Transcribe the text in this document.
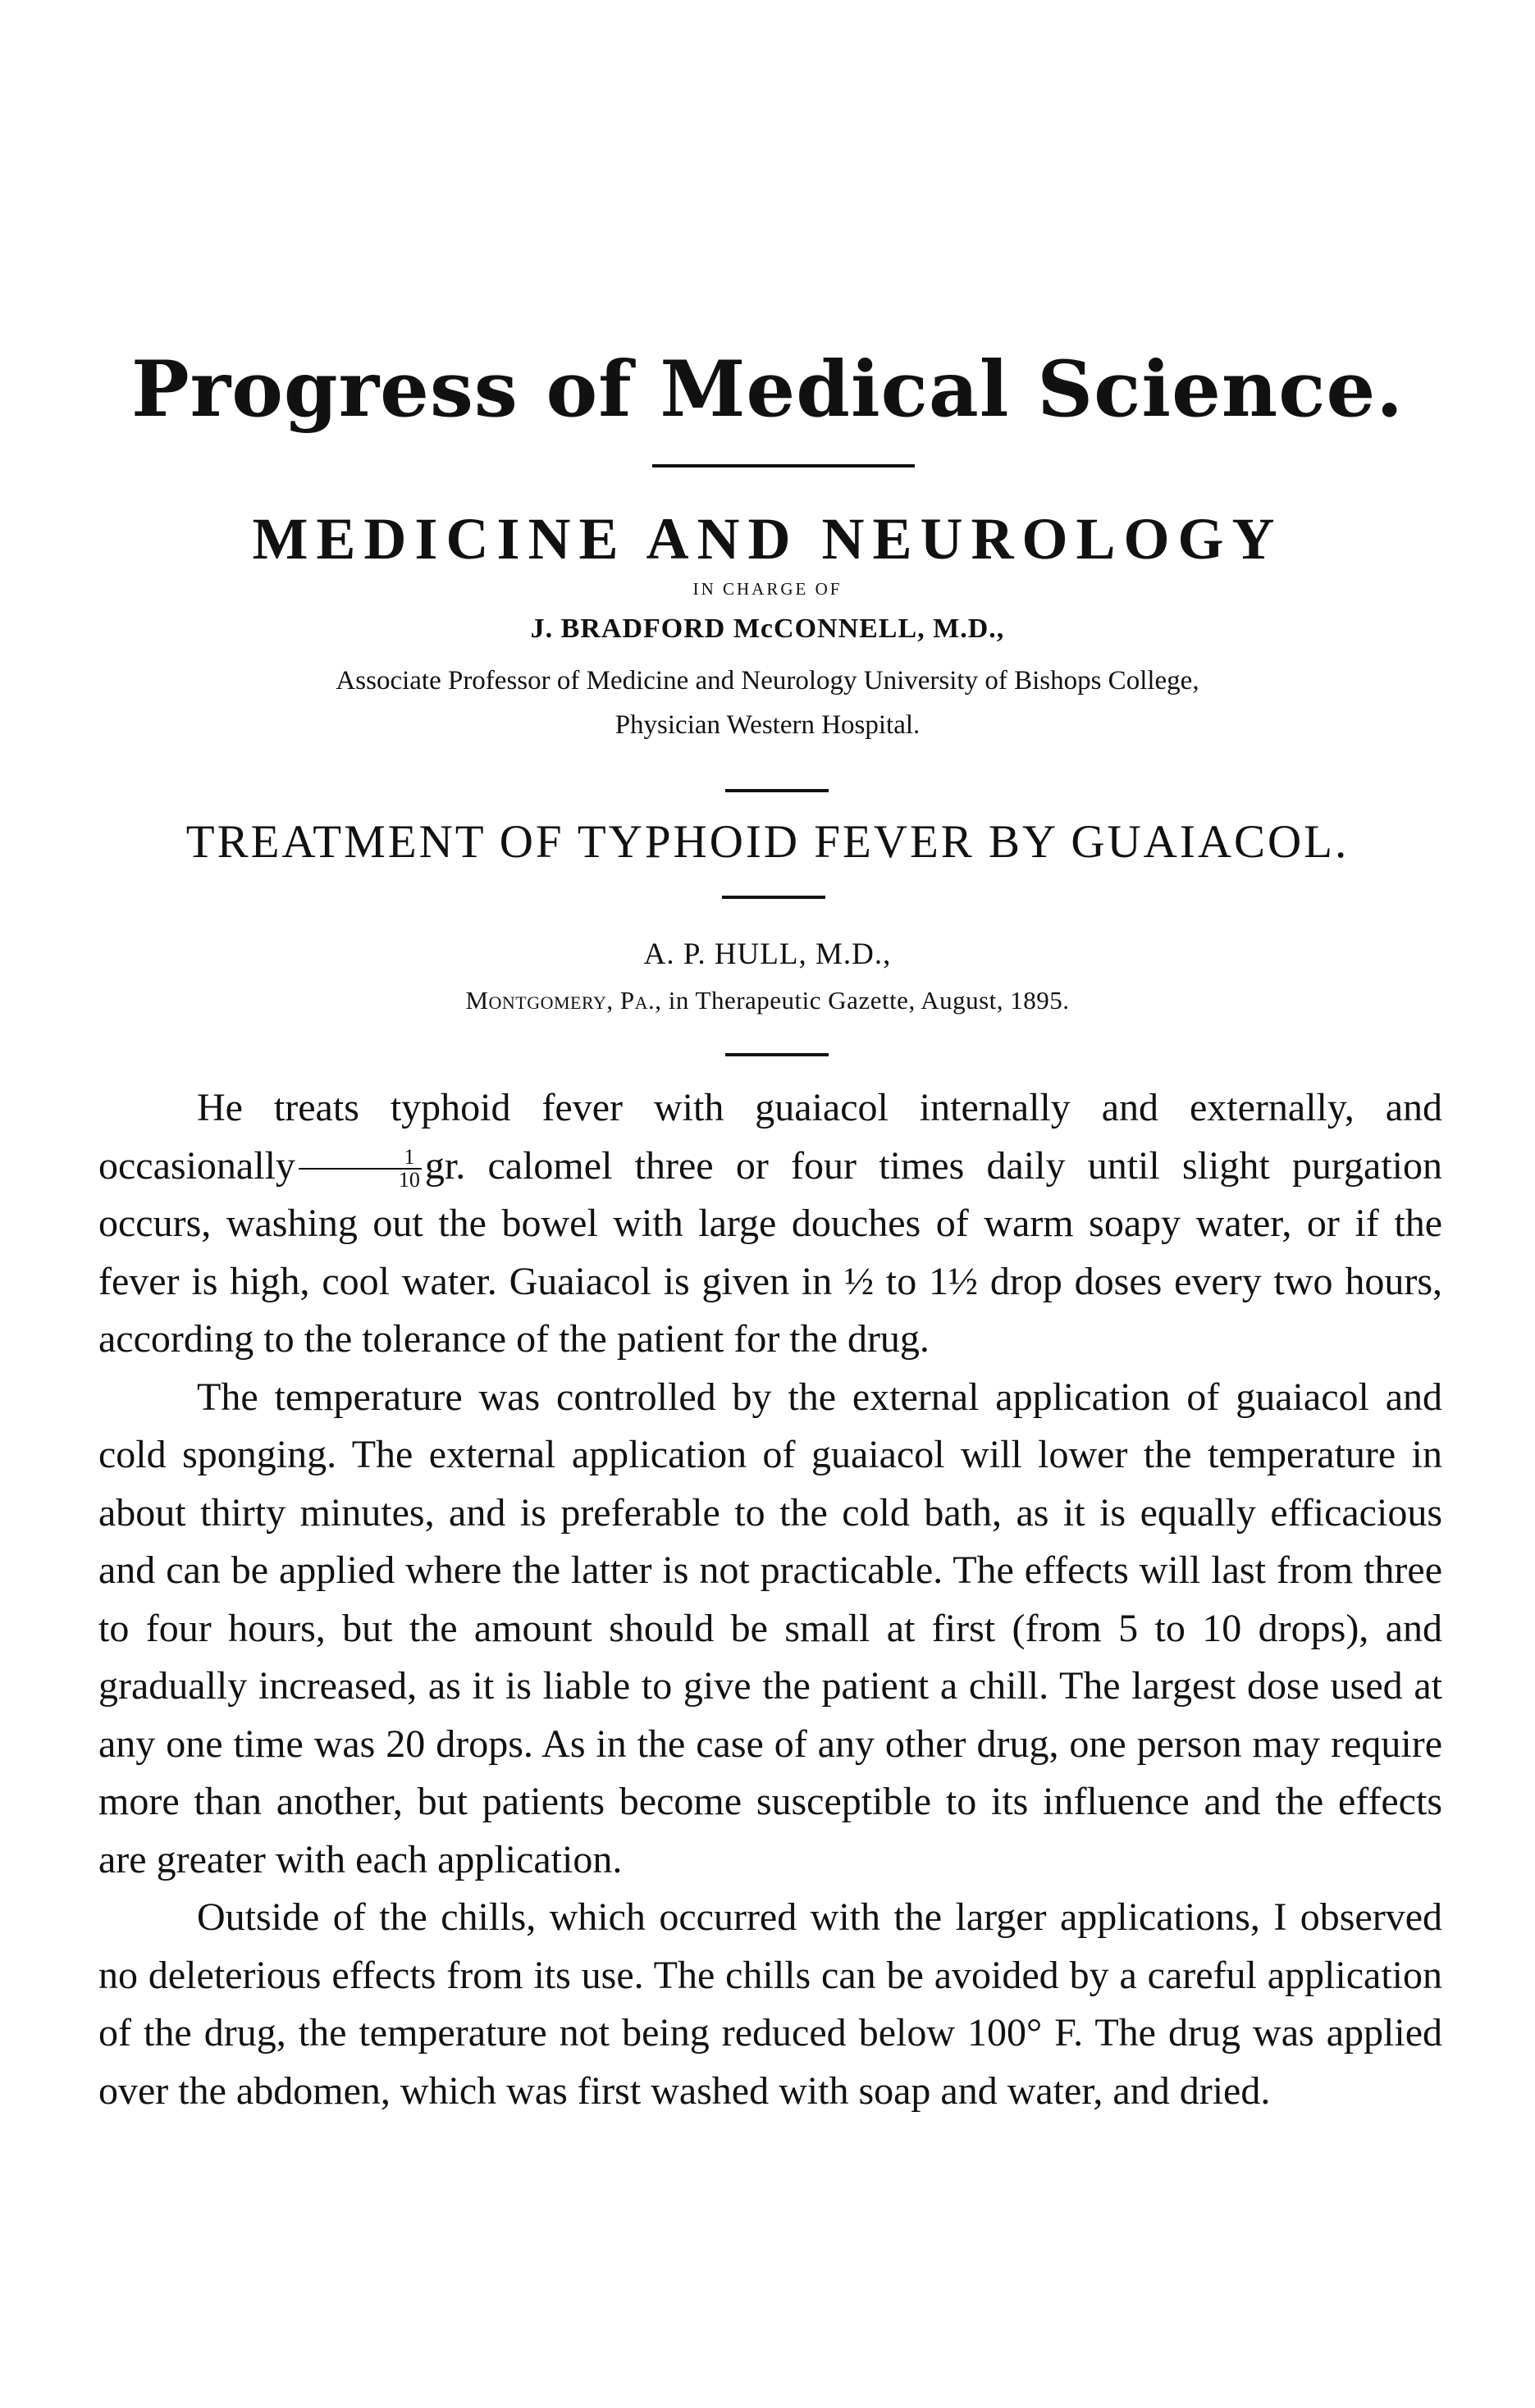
Progress of Medical Science.
MEDICINE AND NEUROLOGY
IN CHARGE OF
J. BRADFORD McCONNELL, M.D.,
Associate Professor of Medicine and Neurology University of Bishops College,
Physician Western Hospital.
TREATMENT OF TYPHOID FEVER BY GUAIACOL.
A. P. HULL, M.D.,
Montgomery, Pa., in Therapeutic Gazette, August, 1895.

He treats typhoid fever with guaiacol internally and externally, and occasionally $\frac{1}{10}$ gr. calomel three or four times daily until slight purgation occurs, washing out the bowel with large douches of warm soapy water, or if the fever is high, cool water. Guaiacol is given in ½ to 1½ drop doses every two hours, according to the tolerance of the patient for the drug.

The temperature was controlled by the external application of guaiacol and cold sponging. The external application of guaiacol will lower the temperature in about thirty minutes, and is preferable to the cold bath, as it is equally efficacious and can be applied where the latter is not practicable. The effects will last from three to four hours, but the amount should be small at first (from 5 to 10 drops), and gradually increased, as it is liable to give the patient a chill. The largest dose used at any one time was 20 drops. As in the case of any other drug, one person may require more than another, but patients become susceptible to its influence and the effects are greater with each application.

Outside of the chills, which occurred with the larger applications, I observed no deleterious effects from its use. The chills can be avoided by a careful application of the drug, the temperature not being reduced below 100° F. The drug was applied over the abdomen, which was first washed with soap and water, and dried.
